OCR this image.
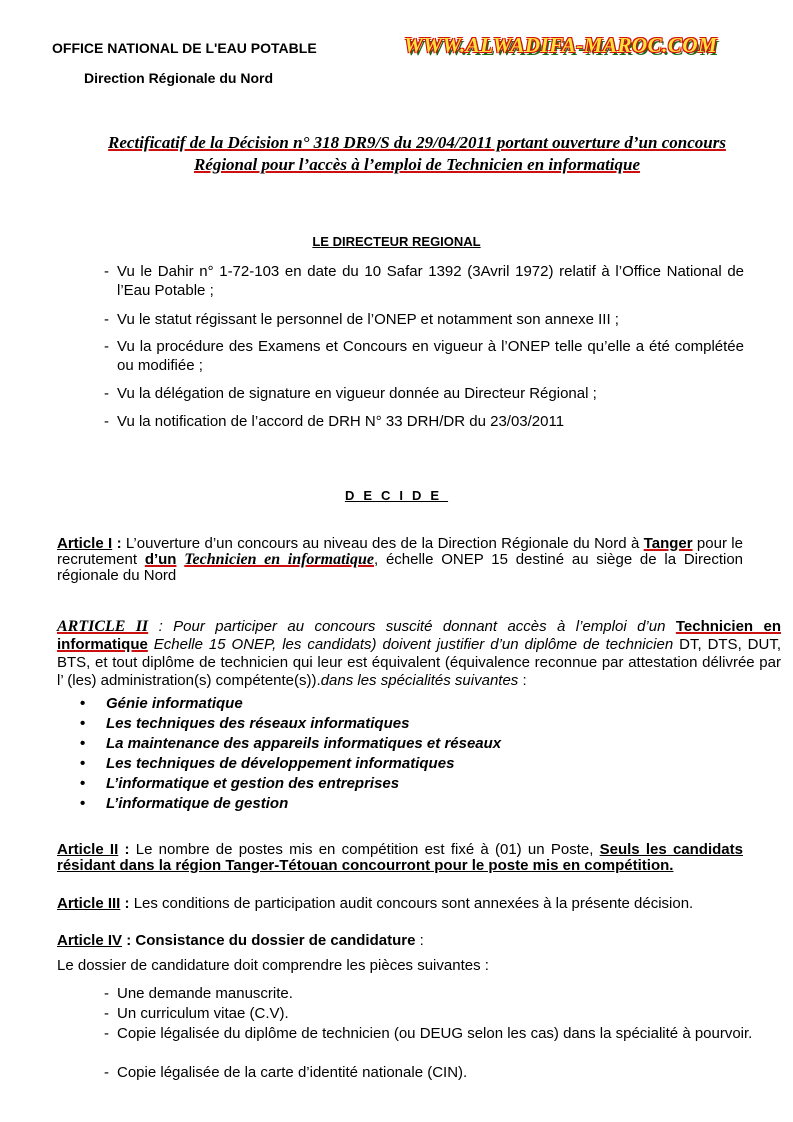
OFFICE NATIONAL DE L'EAU POTABLE
Direction Régionale du Nord
WWW.ALWADIFA-MAROC.COM
Rectificatif de la Décision n° 318 DR9/S du 29/04/2011 portant ouverture d’un concours
Régional pour l’accès à l’emploi de Technicien en informatique
LE DIRECTEUR REGIONAL
- Vu le Dahir n° 1-72-103 en date du 10 Safar 1392 (3Avril 1972) relatif à l’Office National de l’Eau Potable ;
- Vu le statut régissant le personnel de l’ONEP et notamment son annexe III ;
- Vu la procédure des Examens et Concours en vigueur à l’ONEP telle qu’elle a été complétée ou modifiée ;
- Vu la délégation de signature en vigueur donnée au Directeur Régional ;
- Vu la notification de l’accord de DRH N° 33 DRH/DR du 23/03/2011
DECIDE
Article I : L’ouverture d’un concours au niveau des de la Direction Régionale du Nord à Tanger pour le recrutement d’un Technicien en informatique, échelle ONEP 15 destiné au siège de la Direction régionale du Nord
ARTICLE II : Pour participer au concours suscité donnant accès à l’emploi d’un Technicien en informatique Echelle 15 ONEP, les candidats) doivent justifier d’un diplôme de technicien DT, DTS, DUT, BTS, et tout diplôme de technicien qui leur est équivalent (équivalence reconnue par attestation délivrée par l’ (les) administration(s) compétente(s)).dans les spécialités suivantes :
• Génie informatique
• Les techniques des réseaux informatiques
• La maintenance des appareils informatiques et réseaux
• Les techniques de développement informatiques
• L’informatique et gestion des entreprises
• L’informatique de gestion
Article II : Le nombre de postes mis en compétition est fixé à (01) un Poste, Seuls les candidats résidant dans la région Tanger-Tétouan concourront pour le poste mis en compétition.
Article III : Les conditions de participation audit concours sont annexées à la présente décision.
Article IV : Consistance du dossier de candidature :
Le dossier de candidature doit comprendre les pièces suivantes :
- Une demande manuscrite.
- Un curriculum vitae (C.V).
- Copie légalisée du diplôme de technicien (ou DEUG selon les cas) dans la spécialité à pourvoir.
- Copie légalisée de la carte d’identité nationale (CIN).
